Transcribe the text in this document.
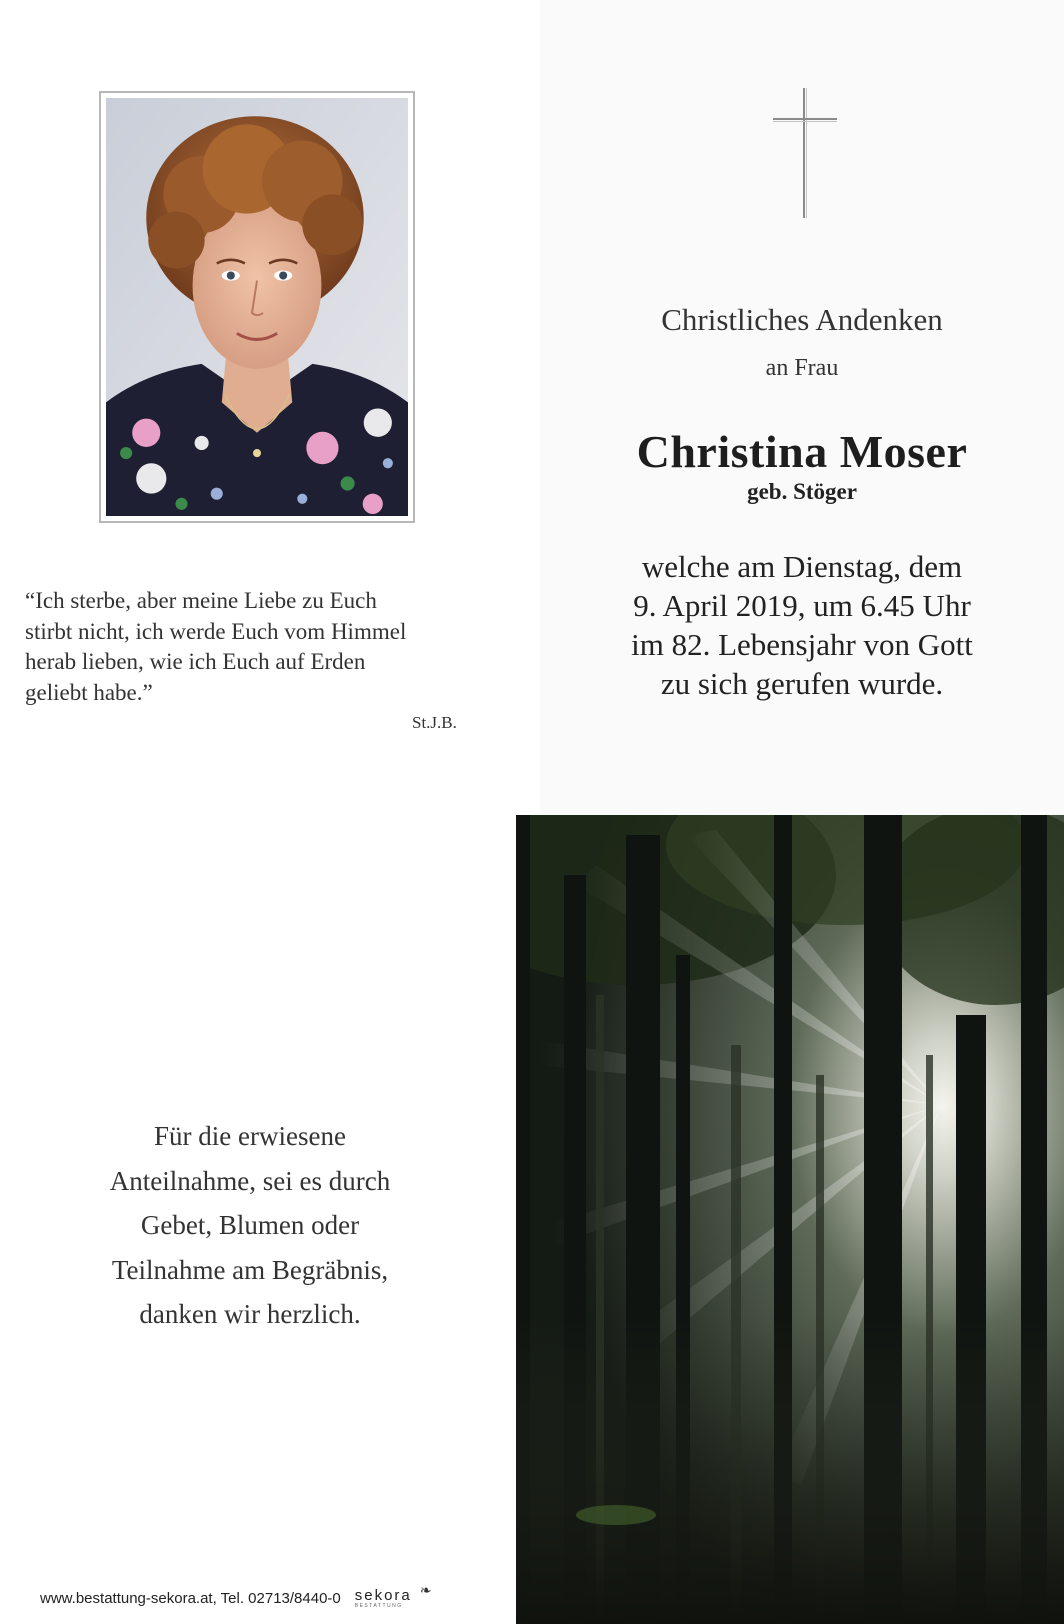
“Ich sterbe, aber meine Liebe zu Euch
stirbt nicht, ich werde Euch vom Himmel
herab lieben, wie ich Euch auf Erden
geliebt habe.”
St.J.B.
Christliches Andenken
an Frau
Christina Moser
geb. Stöger
welche am Dienstag, dem
9. April 2019, um 6.45 Uhr
im 82. Lebensjahr von Gott
zu sich gerufen wurde.
Für die erwiesene
Anteilnahme, sei es durch
Gebet, Blumen oder
Teilnahme am Begräbnis,
danken wir herzlich.
www.bestattung-sekora.at, Tel. 02713/8440-0 sekora
BESTATTUNG
❧
